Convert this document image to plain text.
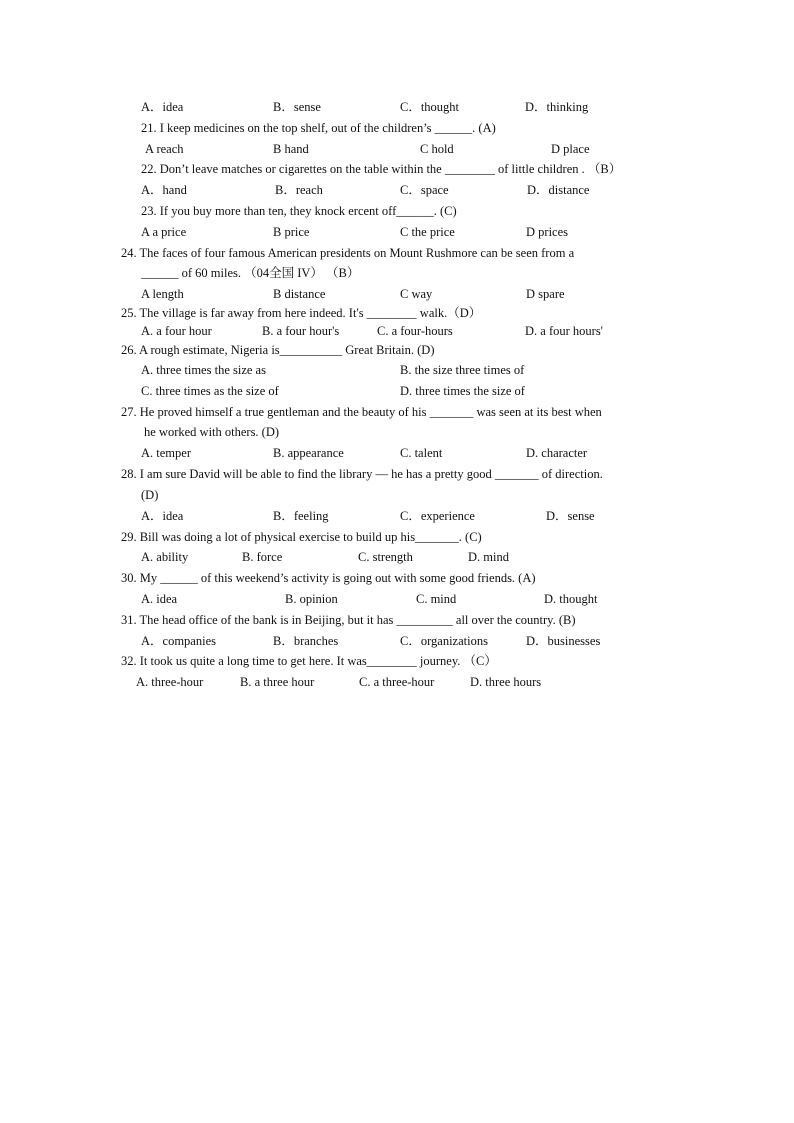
A．idea	B．sense	C．thought	D．thinking
21. I keep medicines on the top shelf, out of the children’s ______. (A)
A reach	B hand	C hold	D place
22. Don’t leave matches or cigarettes on the table within the ________ of little children . （B）
A．hand	B．reach	C．space	D．distance
23. If you buy more than ten, they knock ercent off______. (C)
A a price	B price	C the price	D prices
24. The faces of four famous American presidents on Mount Rushmore can be seen from a
______ of 60 miles. （04全国 IV） （B）
A length	B distance	C way	D spare
25. The village is far away from here indeed. It's ________ walk.（D）
A. a four hour	B. a four hour's	C. a four-hours	D. a four hours'
26. A rough estimate, Nigeria is__________ Great Britain. (D)
A. three times the size as	B. the size three times of
C. three times as the size of	D. three times the size of
27. He proved himself a true gentleman and the beauty of his _______ was seen at its best when
he worked with others. (D)
A. temper	B. appearance	C. talent	D. character
28. I am sure David will be able to find the library — he has a pretty good _______ of direction.
(D)
A．idea	B．feeling	C．experience	D．sense
29. Bill was doing a lot of physical exercise to build up his_______. (C)
A. ability	B. force	C. strength	D. mind
30. My ______ of this weekend’s activity is going out with some good friends. (A)
A. idea	B. opinion	C. mind	D. thought
31. The head office of the bank is in Beijing, but it has _________ all over the country. (B)
A．companies	B．branches	C．organizations	D．businesses
32. It took us quite a long time to get here. It was________ journey. （C）
A. three-hour	B. a three hour	C. a three-hour	D. three hours
